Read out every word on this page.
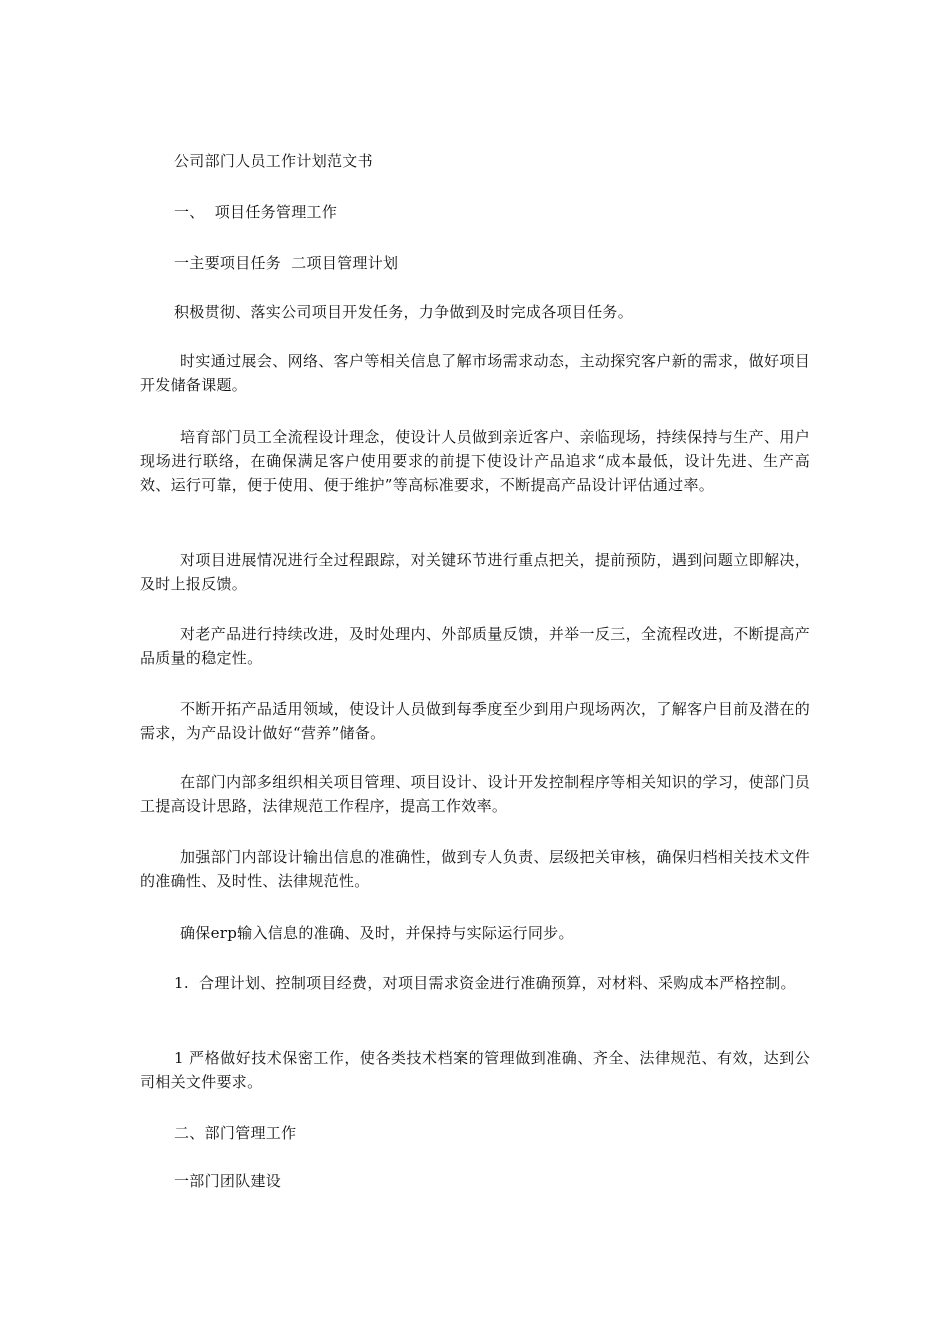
公司部门人员工作计划范文书

一、  项目任务管理工作

一主要项目任务  二项目管理计划

积极贯彻、落实公司项目开发任务，力争做到及时完成各项目任务。

时实通过展会、网络、客户等相关信息了解市场需求动态，主动探究客户新的需求，做好项目开发储备课题。

培育部门员工全流程设计理念，使设计人员做到亲近客户、亲临现场，持续保持与生产、用户现场进行联络，在确保满足客户使用要求的前提下使设计产品追求“成本最低，设计先进、生产高效、运行可靠，便于使用、便于维护”等高标准要求，不断提高产品设计评估通过率。

对项目进展情况进行全过程跟踪，对关键环节进行重点把关，提前预防，遇到问题立即解决，及时上报反馈。

对老产品进行持续改进，及时处理内、外部质量反馈，并举一反三，全流程改进，不断提高产品质量的稳定性。

不断开拓产品适用领域，使设计人员做到每季度至少到用户现场两次，了解客户目前及潜在的需求，为产品设计做好“营养”储备。

在部门内部多组织相关项目管理、项目设计、设计开发控制程序等相关知识的学习，使部门员工提高设计思路，法律规范工作程序，提高工作效率。

加强部门内部设计输出信息的准确性，做到专人负责、层级把关审核，确保归档相关技术文件的准确性、及时性、法律规范性。

确保erp输入信息的准确、及时，并保持与实际运行同步。

1.  合理计划、控制项目经费，对项目需求资金进行准确预算，对材料、采购成本严格控制。

1 严格做好技术保密工作，使各类技术档案的管理做到准确、齐全、法律规范、有效，达到公司相关文件要求。

二、部门管理工作

一部门团队建设
